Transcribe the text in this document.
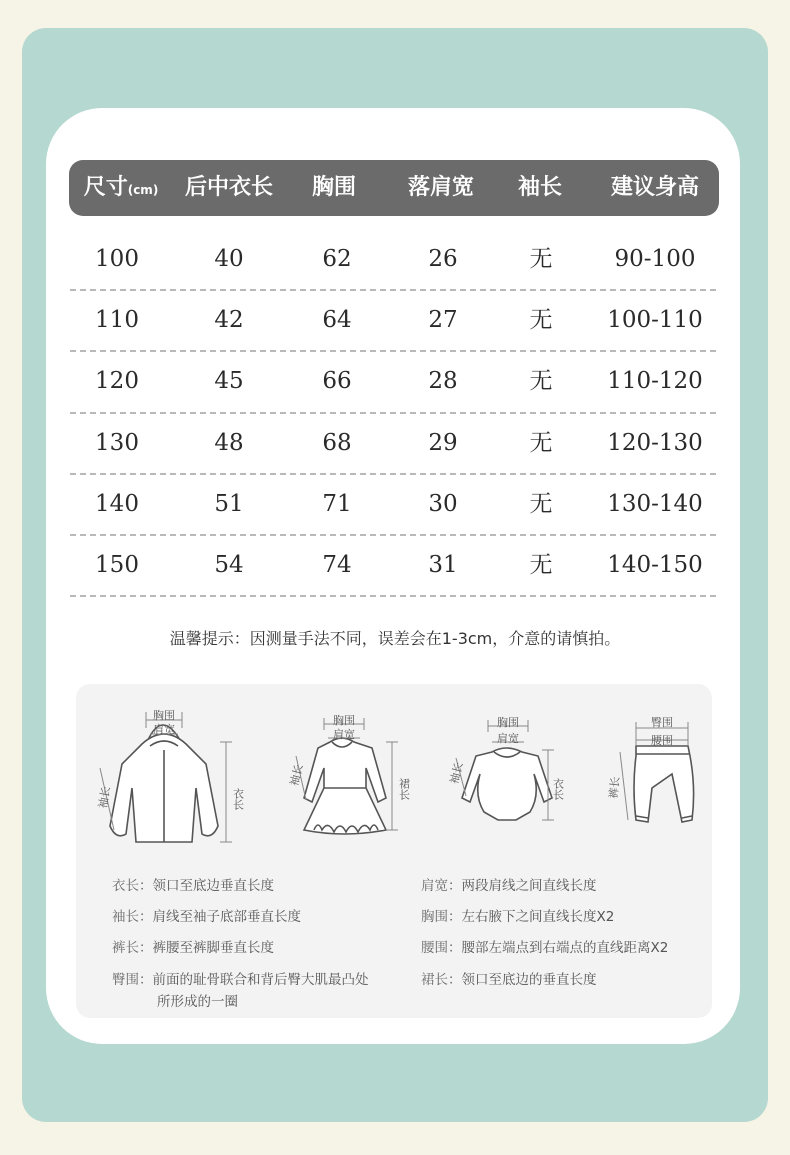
尺寸(cm) 后中衣长 胸围 落肩宽 袖长 建议身高
100	40	62	26	无	90-100
110	42	64	27	无 100-110
120	45	66	28	无 110-120
130	48	68	29	无 120-130
140	51	71	30	无 130-140
150	54	74	31	无 140-150
温馨提示：因测量手法不同，误差会在1-3cm，介意的请慎拍。
胸围
肩宽
袖长	衣长
胸围
肩宽
袖长
裙长
胸围
肩宽
袖长
衣长
臀围
腰围
裤长
衣长：领口至底边垂直长度
袖长：肩线至袖子底部垂直长度
裤长：裤腰至裤脚垂直长度
臀围：前面的耻骨联合和背后臀大肌最凸处
所形成的一圈
肩宽：两段肩线之间直线长度
胸围：左右腋下之间直线长度X2
腰围：腰部左端点到右端点的直线距离X2
裙长：领口至底边的垂直长度
